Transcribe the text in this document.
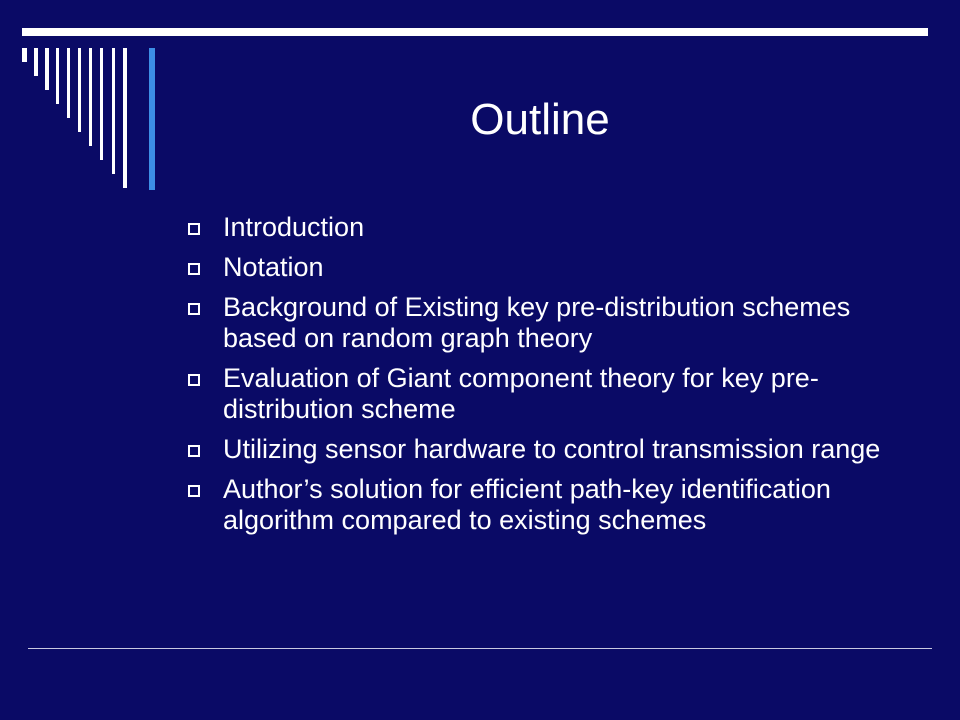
Outline
Introduction
Notation
Background of Existing key pre-distribution schemes based on random graph theory
Evaluation of Giant component theory for key pre-distribution scheme
Utilizing sensor hardware to control transmission range
Author’s solution for efficient path-key identification algorithm compared to existing schemes
